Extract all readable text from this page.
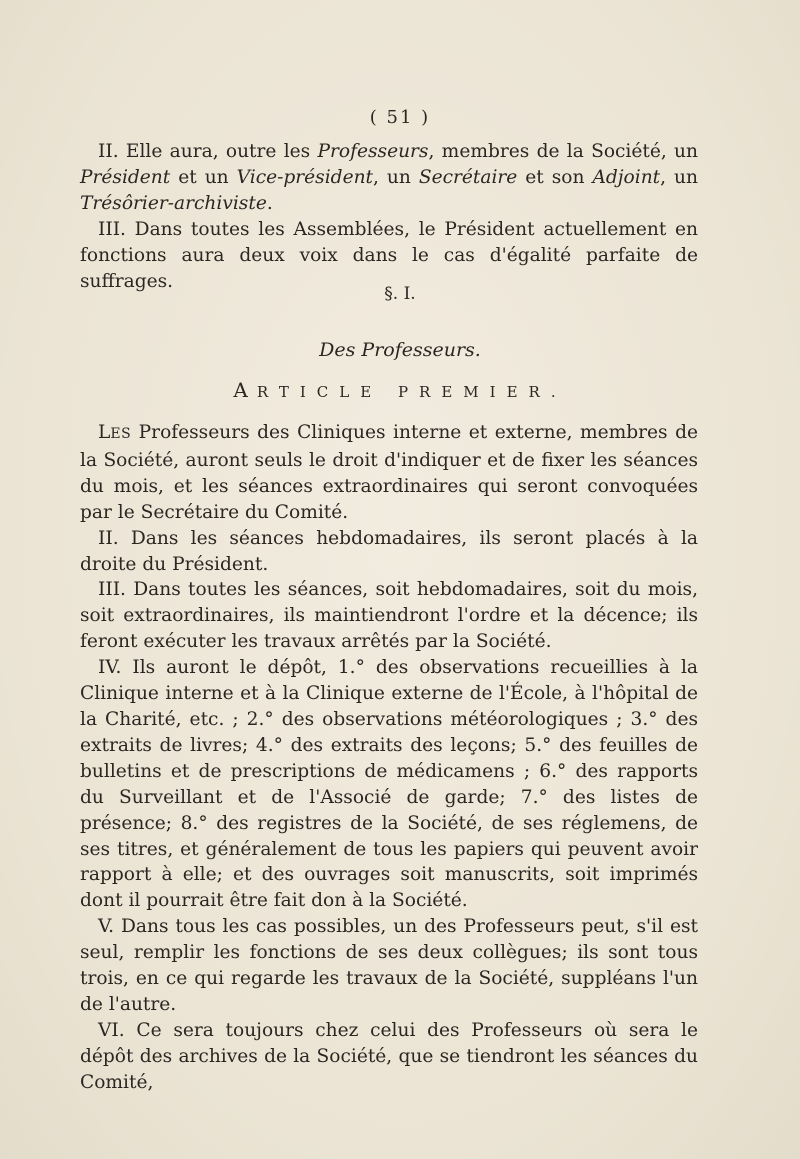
( 51 )

II. Elle aura, outre les Professeurs, membres de la Société, un Président et un Vice-président, un Secrétaire et son Adjoint, un Trésôrier-archiviste.

III. Dans toutes les Assemblées, le Président actuellement en fonctions aura deux voix dans le cas d'égalité parfaite de suffrages.

§. I.
Des Professeurs.
ARTICLE PREMIER.

LES Professeurs des Cliniques interne et externe, membres de la Société, auront seuls le droit d'indiquer et de fixer les séances du mois, et les séances extraordinaires qui seront convoquées par le Secrétaire du Comité.

II. Dans les séances hebdomadaires, ils seront placés à la droite du Président.

III. Dans toutes les séances, soit hebdomadaires, soit du mois, soit extraordinaires, ils maintiendront l'ordre et la décence; ils feront exécuter les travaux arrêtés par la Société.

IV. Ils auront le dépôt, 1.° des observations recueillies à la Clinique interne et à la Clinique externe de l'École, à l'hôpital de la Charité, etc. ; 2.° des observations météorologiques ; 3.° des extraits de livres; 4.° des extraits des leçons; 5.° des feuilles de bulletins et de prescriptions de médicamens ; 6.° des rapports du Surveillant et de l'Associé de garde; 7.° des listes de présence; 8.° des registres de la Société, de ses réglemens, de ses titres, et généralement de tous les papiers qui peuvent avoir rapport à elle; et des ouvrages soit manuscrits, soit imprimés dont il pourrait être fait don à la Société.

V. Dans tous les cas possibles, un des Professeurs peut, s'il est seul, remplir les fonctions de ses deux collègues; ils sont tous trois, en ce qui regarde les travaux de la Société, suppléans l'un de l'autre.

VI. Ce sera toujours chez celui des Professeurs où sera le dépôt des archives de la Société, que se tiendront les séances du Comité,
